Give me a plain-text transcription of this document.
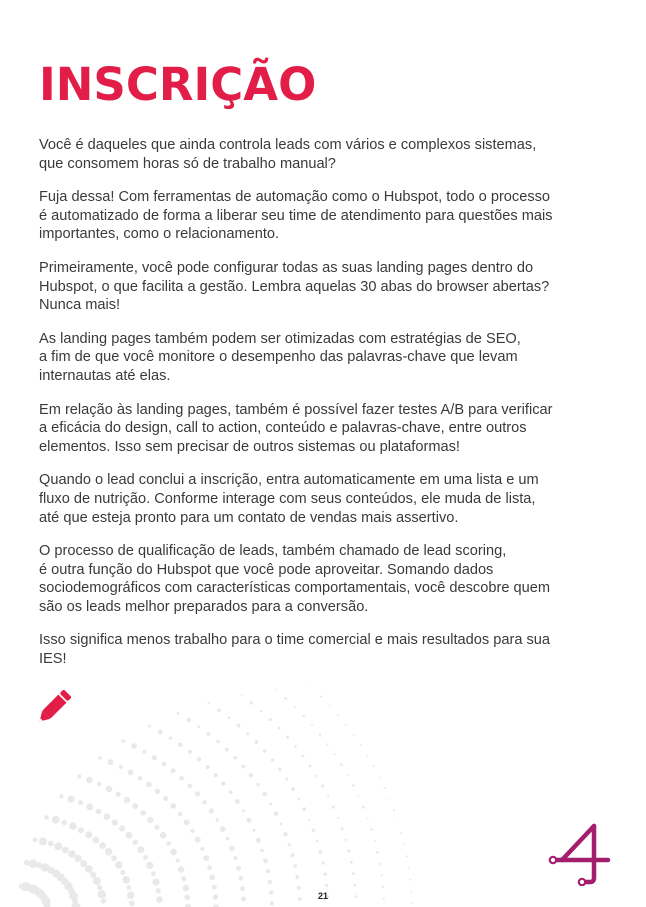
INSCRIÇÃO

Você é daqueles que ainda controla leads com vários e complexos sistemas,
que consomem horas só de trabalho manual?

Fuja dessa! Com ferramentas de automação como o Hubspot, todo o processo
é automatizado de forma a liberar seu time de atendimento para questões mais
importantes, como o relacionamento.

Primeiramente, você pode configurar todas as suas landing pages dentro do
Hubspot, o que facilita a gestão. Lembra aquelas 30 abas do browser abertas?
Nunca mais!

As landing pages também podem ser otimizadas com estratégias de SEO,
a fim de que você monitore o desempenho das palavras-chave que levam
internautas até elas.

Em relação às landing pages, também é possível fazer testes A/B para verificar
a eficácia do design, call to action, conteúdo e palavras-chave, entre outros
elementos. Isso sem precisar de outros sistemas ou plataformas!

Quando o lead conclui a inscrição, entra automaticamente em uma lista e um
fluxo de nutrição. Conforme interage com seus conteúdos, ele muda de lista,
até que esteja pronto para um contato de vendas mais assertivo.

O processo de qualificação de leads, também chamado de lead scoring,
é outra função do Hubspot que você pode aproveitar. Somando dados
sociodemográficos com características comportamentais, você descobre quem
são os leads melhor preparados para a conversão.

Isso significa menos trabalho para o time comercial e mais resultados para sua
IES!

21
